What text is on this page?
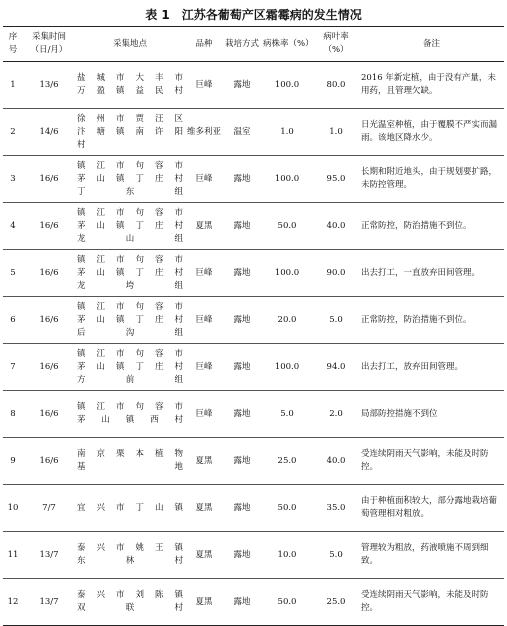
表 1　江苏各葡萄产区霜霉病的发生情况
序号	采集时间（日/月）	采集地点	品种	栽培方式	病株率（%）	病叶率（%）	备注
1	13/6	盐城市大丰市
万盈镇益民村	巨峰	露地	100.0	80.0	2016 年新定植，由于没有产量，未用药，且管理欠缺。
2	14/6	徐州市贾汪区
汴塘镇南许阳
村	维多利亚	温室	1.0	1.0	日光温室种植，由于覆膜不严实而漏雨。该地区降水少。
3	16/6	镇江市句容市
茅山镇丁庄村
丁东组	巨峰	露地	100.0	95.0	长期和附近地头，由于规划要扩路，未防控管理。
4	16/6	镇江市句容市
茅山镇丁庄村
龙山组	夏黑	露地	50.0	40.0	正常防控，防治措施不到位。
5	16/6	镇江市句容市
茅山镇丁庄村
龙垮组	巨峰	露地	100.0	90.0	出去打工，一直放弃田间管理。
6	16/6	镇江市句容市
茅山镇丁庄村
后沟组	巨峰	露地	20.0	5.0	正常防控，防治措施不到位。
7	16/6	镇江市句容市
茅山镇丁庄村
方前组	巨峰	露地	100.0	94.0	出去打工，放弃田间管理。
8	16/6	镇江市句容市
茅山镇西村	巨峰	露地	5.0	2.0	局部防控措施不到位
9	16/6	南京栗本植物
基地	夏黑	露地	25.0	40.0	受连续阴雨天气影响，未能及时防控。
10	7/7	宜兴市丁山镇	夏黑	露地	50.0	35.0	由于种植面积较大，部分露地栽培葡萄管理相对粗放。
11	13/7	泰兴市姚王镇
东林村	夏黑	露地	10.0	5.0	管理较为粗放，药液喷施不周到细致。
12	13/7	泰兴市刘陈镇
双联村	夏黑	露地	50.0	25.0	受连续阴雨天气影响，未能及时防控。
